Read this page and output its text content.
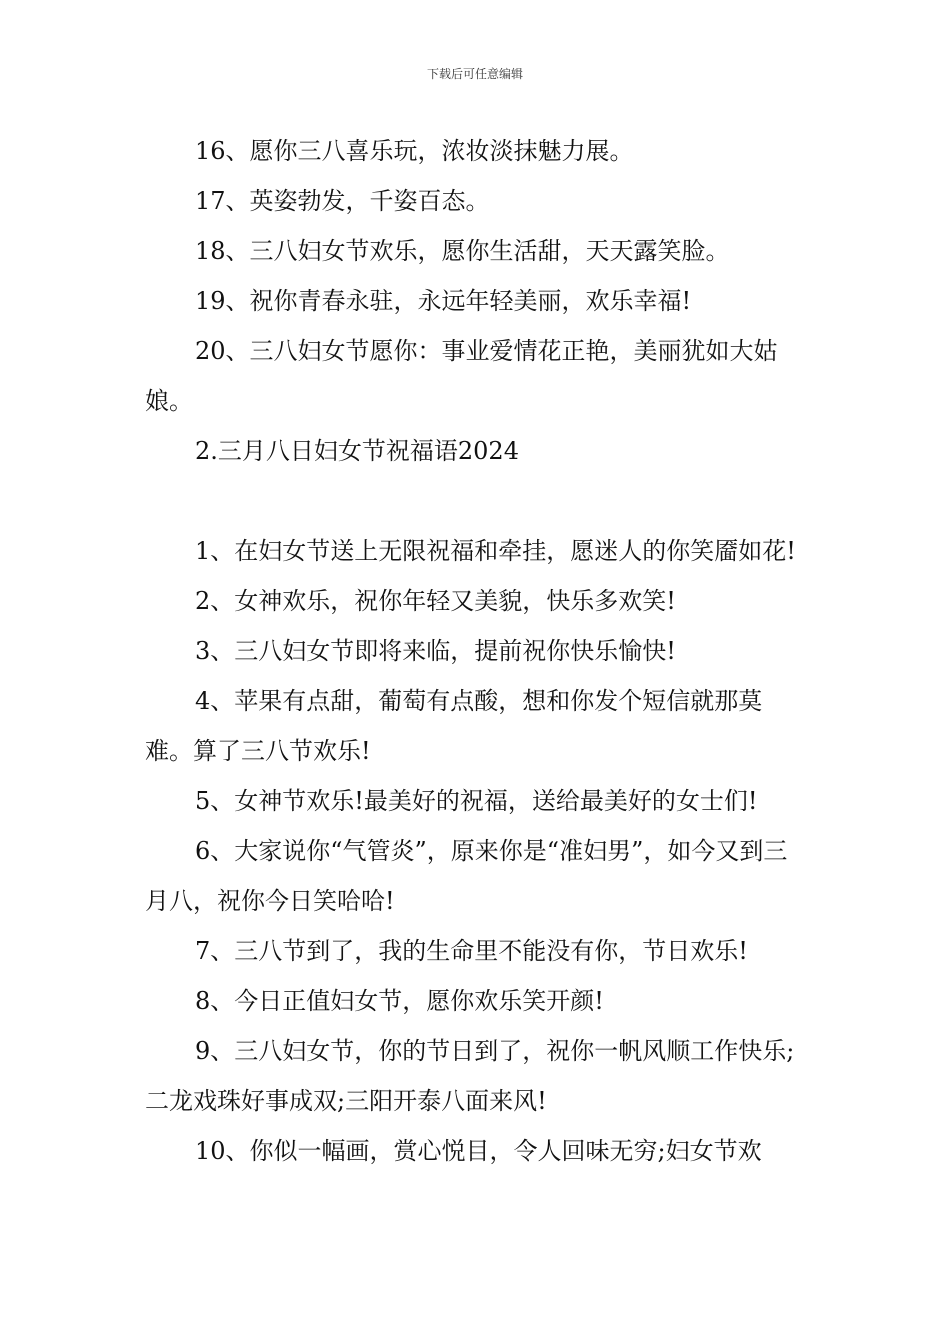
下载后可任意编辑

16、愿你三八喜乐玩，浓妆淡抹魅力展。

17、英姿勃发，千姿百态。

18、三八妇女节欢乐，愿你生活甜，天天露笑脸。

19、祝你青春永驻，永远年轻美丽，欢乐幸福!

20、三八妇女节愿你：事业爱情花正艳，美丽犹如大姑娘。

2.三月八日妇女节祝福语2024

1、在妇女节送上无限祝福和牵挂，愿迷人的你笑靥如花!

2、女神欢乐，祝你年轻又美貌，快乐多欢笑!

3、三八妇女节即将来临，提前祝你快乐愉快!

4、苹果有点甜，葡萄有点酸，想和你发个短信就那莫难。算了三八节欢乐!

5、女神节欢乐!最美好的祝福，送给最美好的女士们!

6、大家说你“气管炎”，原来你是“准妇男”，如今又到三月八，祝你今日笑哈哈!

7、三八节到了，我的生命里不能没有你，节日欢乐!

8、今日正值妇女节，愿你欢乐笑开颜!

9、三八妇女节，你的节日到了，祝你一帆风顺工作快乐;二龙戏珠好事成双;三阳开泰八面来风!

10、你似一幅画，赏心悦目，令人回味无穷;妇女节欢
